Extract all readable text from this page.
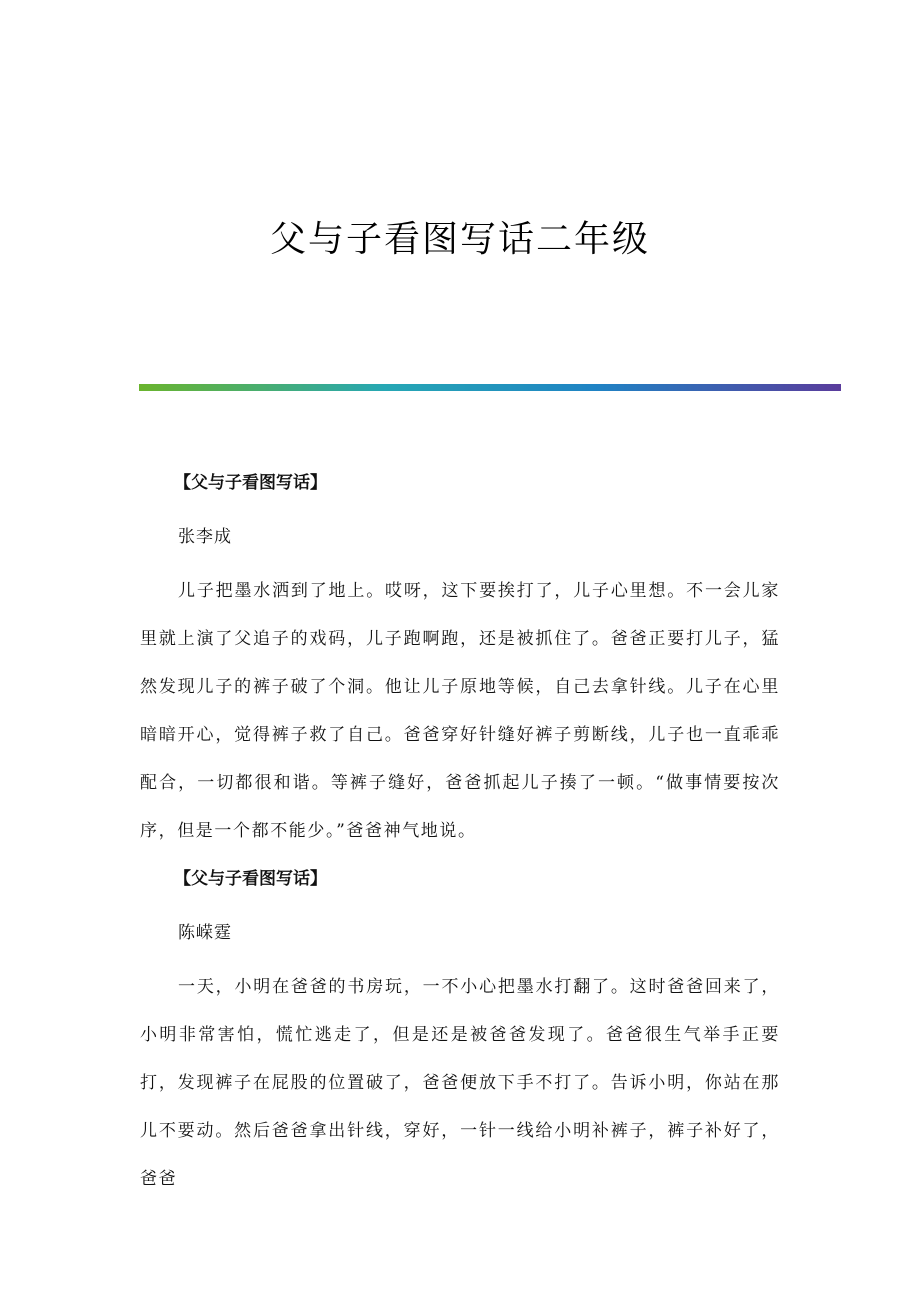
父与子看图写话二年级

【父与子看图写话】

张李成

儿子把墨水洒到了地上。哎呀，这下要挨打了，儿子心里想。不一会儿家里就上演了父追子的戏码，儿子跑啊跑，还是被抓住了。爸爸正要打儿子，猛然发现儿子的裤子破了个洞。他让儿子原地等候，自己去拿针线。儿子在心里暗暗开心，觉得裤子救了自己。爸爸穿好针缝好裤子剪断线，儿子也一直乖乖配合，一切都很和谐。等裤子缝好，爸爸抓起儿子揍了一顿。“做事情要按次序，但是一个都不能少。”爸爸神气地说。

【父与子看图写话】

陈嵘霆

一天，小明在爸爸的书房玩，一不小心把墨水打翻了。这时爸爸回来了，小明非常害怕，慌忙逃走了，但是还是被爸爸发现了。爸爸很生气举手正要打，发现裤子在屁股的位置破了，爸爸便放下手不打了。告诉小明，你站在那儿不要动。然后爸爸拿出针线，穿好，一针一线给小明补裤子，裤子补好了，爸爸
